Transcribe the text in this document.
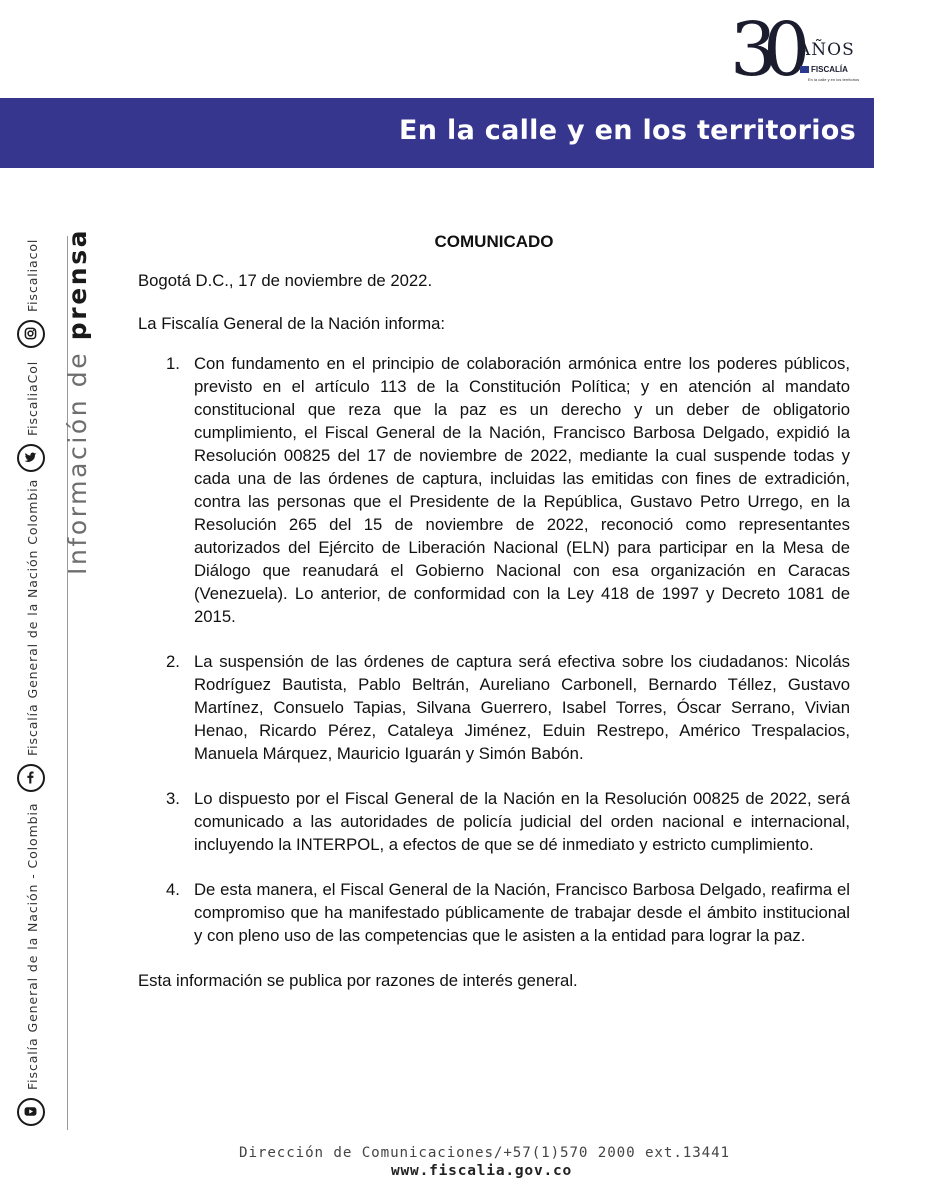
30 AÑOS
FISCALÍA
En la calle y en los territorios
En la calle y en los territorios
Información de prensa
Fiscalía General de la Nación - Colombia
Fiscalía General de la Nación Colombia
FiscaliaCol
Fiscaliacol	COMUNICADO

Bogotá D.C., 17 de noviembre de 2022.

La Fiscalía General de la Nación informa:

1. Con fundamento en el principio de colaboración armónica entre los poderes públicos, previsto en el artículo 113 de la Constitución Política; y en atención al mandato constitucional que reza que la paz es un derecho y un deber de obligatorio cumplimiento, el Fiscal General de la Nación, Francisco Barbosa Delgado, expidió la Resolución 00825 del 17 de noviembre de 2022, mediante la cual suspende todas y cada una de las órdenes de captura, incluidas las emitidas con fines de extradición, contra las personas que el Presidente de la República, Gustavo Petro Urrego, en la Resolución 265 del 15 de noviembre de 2022, reconoció como representantes autorizados del Ejército de Liberación Nacional (ELN) para participar en la Mesa de Diálogo que reanudará el Gobierno Nacional con esa organización en Caracas (Venezuela). Lo anterior, de conformidad con la Ley 418 de 1997 y Decreto 1081 de 2015.

2. La suspensión de las órdenes de captura será efectiva sobre los ciudadanos: Nicolás Rodríguez Bautista, Pablo Beltrán, Aureliano Carbonell, Bernardo Téllez, Gustavo Martínez, Consuelo Tapias, Silvana Guerrero, Isabel Torres, Óscar Serrano, Vivian Henao, Ricardo Pérez, Cataleya Jiménez, Eduin Restrepo, Américo Trespalacios, Manuela Márquez, Mauricio Iguarán y Simón Babón.

3. Lo dispuesto por el Fiscal General de la Nación en la Resolución 00825 de 2022, será comunicado a las autoridades de policía judicial del orden nacional e internacional, incluyendo la INTERPOL, a efectos de que se dé inmediato y estricto cumplimiento.

4. De esta manera, el Fiscal General de la Nación, Francisco Barbosa Delgado, reafirma el compromiso que ha manifestado públicamente de trabajar desde el ámbito institucional y con pleno uso de las competencias que le asisten a la entidad para lograr la paz.

Esta información se publica por razones de interés general.

Dirección de Comunicaciones/+57(1)570 2000 ext.13441
www.fiscalia.gov.co
